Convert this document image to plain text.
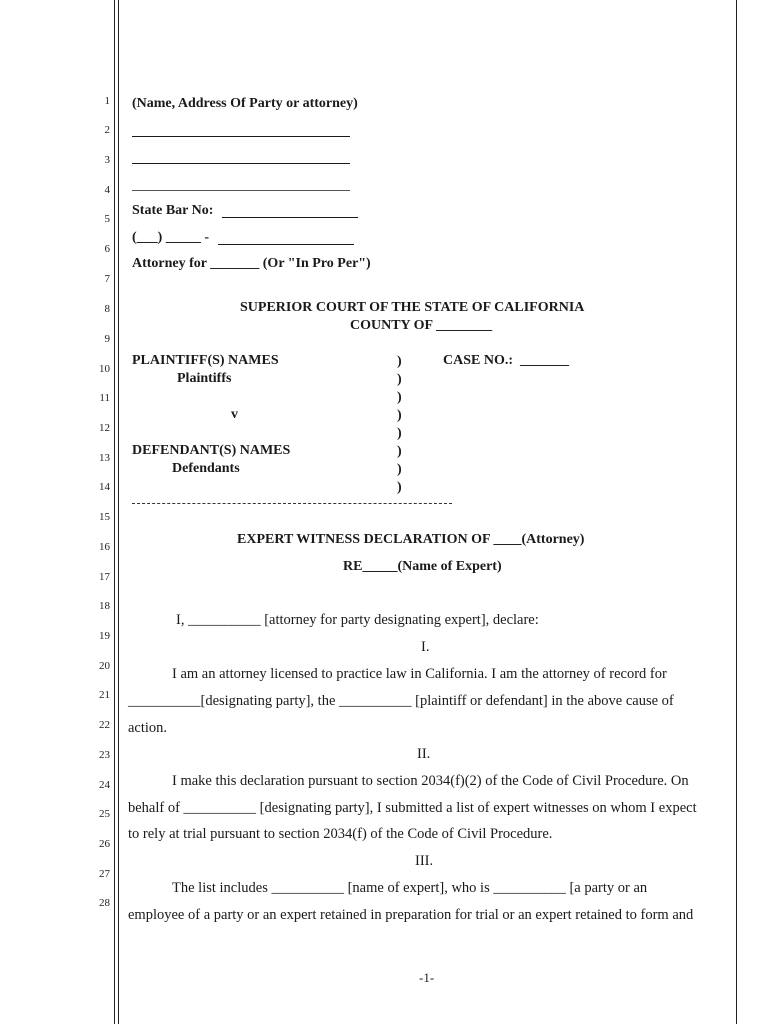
1
2
3
4
5
6
7
8
9
10
11
12
13
14
15
16
17
18
19
20
21
22
23
24
25
26
27
28
(Name, Address Of Party or attorney)
State Bar No:
(___) _____ -
Attorney for _______ (Or "In Pro Per")
SUPERIOR COURT OF THE STATE OF CALIFORNIA
COUNTY OF ________
PLAINTIFF(S) NAMES
Plaintiffs
v
DEFENDANT(S) NAMES
Defendants
)
)
)
)
)
)
)
)
CASE NO.:  _______
EXPERT WITNESS DECLARATION OF ____(Attorney)
RE_____(Name of Expert)
I, __________ [attorney for party designating expert], declare:
I.
I am an attorney licensed to practice law in California. I am the attorney of record for
__________[designating party], the __________ [plaintiff or defendant] in the above cause of
action.
II.
I make this declaration pursuant to section 2034(f)(2) of the Code of Civil Procedure. On
behalf of __________ [designating party], I submitted a list of expert witnesses on whom I expect
to rely at trial pursuant to section 2034(f) of the Code of Civil Procedure.
III.
The list includes __________ [name of expert], who is __________ [a party or an
employee of a party or an expert retained in preparation for trial or an expert retained to form and
-1-
